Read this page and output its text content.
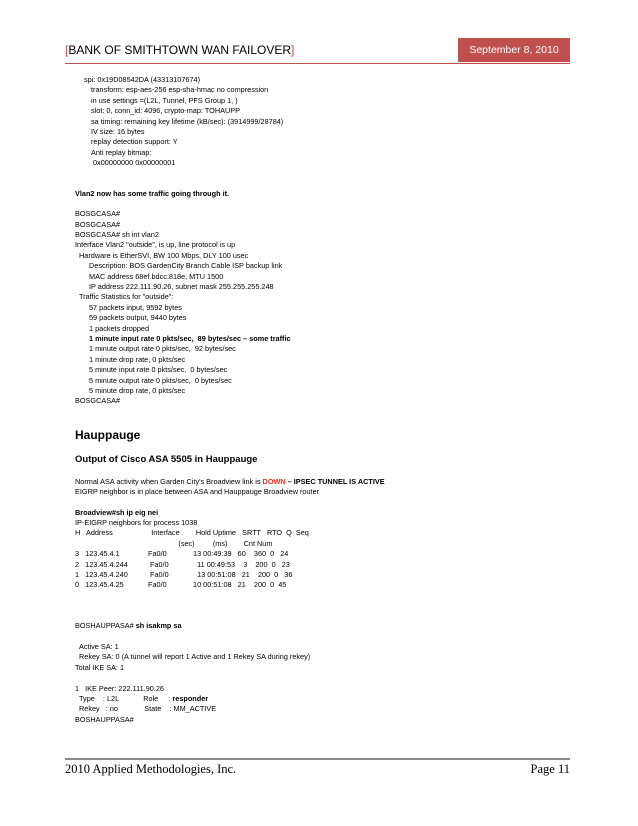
[BANK OF SMITHTOWN WAN FAILOVER]	September 8, 2010
spi: 0x19D08542DA (43313107674)
transform: esp-aes-256 esp-sha-hmac no compression
in use settings =(L2L, Tunnel, PFS Group 1, )
slot: 0, conn_id: 4096, crypto-map: TOHAUPP
sa timing: remaining key lifetime (kB/sec): (3914999/28784)
IV size: 16 bytes
replay detection support: Y
Anti replay bitmap:
0x00000000 0x00000001
Vlan2 now has some traffic going through it.
BOSGCASA#
BOSGCASA#
BOSGCASA# sh int vlan2
Interface Vlan2 "outside", is up, line protocol is up
Hardware is EtherSVI, BW 100 Mbps, DLY 100 usec
Description: BOS GardenCity Branch Cable ISP backup link
MAC address 68ef.bdcc.818e, MTU 1500
IP address 222.111.90.26, subnet mask 255.255.255.248
Traffic Statistics for "outside":
57 packets input, 9592 bytes
59 packets output, 9440 bytes
1 packets dropped
1 minute input rate 0 pkts/sec,  89 bytes/sec – some traffic
1 minute output rate 0 pkts/sec,  92 bytes/sec
1 minute drop rate, 0 pkts/sec
5 minute input rate 0 pkts/sec,  0 bytes/sec
5 minute output rate 0 pkts/sec,  0 bytes/sec
5 minute drop rate, 0 pkts/sec
BOSGCASA#
Hauppauge
Output of Cisco ASA 5505 in Hauppauge
Normal ASA activity when Garden City's Broadview link is DOWN – IPSEC TUNNEL IS ACTIVE
EIGRP neighbor is in place between ASA and Hauppauge Broadview router
Broadview#sh ip eig nei
IP-EIGRP neighbors for process 1038
H   Address                   Interface        Hold Uptime   SRTT   RTO  Q  Seq
(sec)         (ms)        Cnt Num
3   123.45.4.1              Fa0/0             13 00:49:39   60    360  0   24
2   123.45.4.244           Fa0/0              11 00:49:53    3    200  0   23
1   123.45.4.240           Fa0/0              13 00:51:08   21    200  0   36
0   123.45.4.25            Fa0/0             10 00:51:08   21    200  0  45
BOSHAUPPASA# sh isakmp sa
Active SA: 1
Rekey SA: 0 (A tunnel will report 1 Active and 1 Rekey SA during rekey)
Total IKE SA: 1
1   IKE Peer: 222.111.90.26
Type    : L2L            Role     : responder
Rekey   : no             State    : MM_ACTIVE
BOSHAUPPASA#
2010 Applied Methodologies, Inc.	Page 11
